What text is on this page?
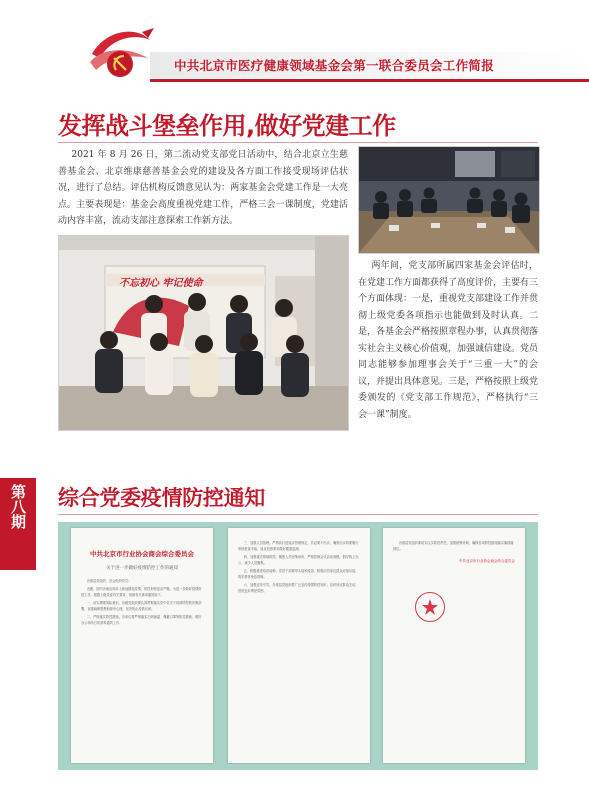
中共北京市医疗健康领域基金会第一联合委员会工作简报
发挥战斗堡垒作用,做好党建工作
2021 年 8 月 26 日，第二流动党支部党日活动中，结合北京立生慈善基金会、北京维康慈善基金会党的建设及各方面工作接受现场评估状况，进行了总结。评估机构反馈意见认为：两家基金会党建工作是一大亮点。主要表现是：基金会高度重视党建工作，严格三会一课制度，党建活动内容丰富，流动支部注意探索工作新方法。
不忘初心 牢记使命
两年间，党支部所属四家基金会评估时，在党建工作方面都获得了高度评价，主要有三个方面体现：一是，重视党支部建设工作并贯彻上级党委各项指示也能做到及时认真。二是，各基金会严格按照章程办事，认真贯彻落实社会主义核心价值观，加强诚信建设。党员同志能够参加理事会关于“三重一大”的会议，并提出具体意见。三是，严格按照上级党委颁发的《党支部工作规范》，严格执行“三会一课”制度。
第八期	综合党委疫情防控通知
中共北京市行业协会商会综合委员会
关于进一步做好疫情防控工作的通知
各基层党组织，各会组织党员：
近期，国内多地出现本土新冠肺炎疫情，防控形势复杂严峻。为进一步做好疫情防控工作，根据上级党委有关要求，现就有关事项通知如下。
一、切实增强风险意识。各级党组织要认真贯彻落实党中央关于疫情防控的决策部署，克服麻痹思想和侥幸心理，坚决防止疫情反弹。
二、严格落实防控措施。各单位要严格落实扫码测温、佩戴口罩等防控措施，做好办公场所日常消毒通风工作。
三、加强人员管理。严格执行进返京管理规定，非必要不出京，确需出京的要履行审批报备手续，返京后按要求做好健康监测。
四、加强重点领域防控。聚焦人员密集场所，严格控制会议活动规模，倡导线上办公，减少人员聚集。
五、积极推进疫苗接种。党员干部要带头接种疫苗，积极动员身边群众应接尽接，筑牢群体免疫屏障。
六、加强宣传引导。各基层党组织要广泛宣传疫情防控知识，及时回应群众关切，营造良好舆论氛围。
各基层党组织要切实压实防控责任，加强统筹协调，确保各项防控措施落实落细落到位。
中共北京市行业协会商会综合委员会
